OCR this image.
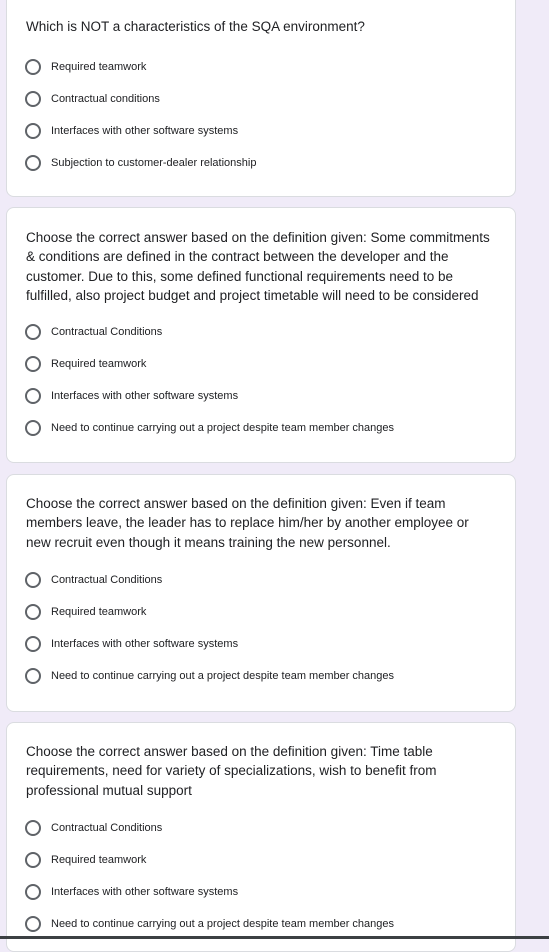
Which is NOT a characteristics of the SQA environment?

Required teamwork
Contractual conditions
Interfaces with other software systems
Subjection to customer-dealer relationship

Choose the correct answer based on the definition given: Some commitments & conditions are defined in the contract between the developer and the customer. Due to this, some defined functional requirements need to be fulfilled, also project budget and project timetable will need to be considered

Contractual Conditions
Required teamwork
Interfaces with other software systems
Need to continue carrying out a project despite team member changes

Choose the correct answer based on the definition given: Even if team members leave, the leader has to replace him/her by another employee or new recruit even though it means training the new personnel.

Contractual Conditions
Required teamwork
Interfaces with other software systems
Need to continue carrying out a project despite team member changes

Choose the correct answer based on the definition given: Time table requirements, need for variety of specializations, wish to benefit from professional mutual support

Contractual Conditions
Required teamwork
Interfaces with other software systems
Need to continue carrying out a project despite team member changes
